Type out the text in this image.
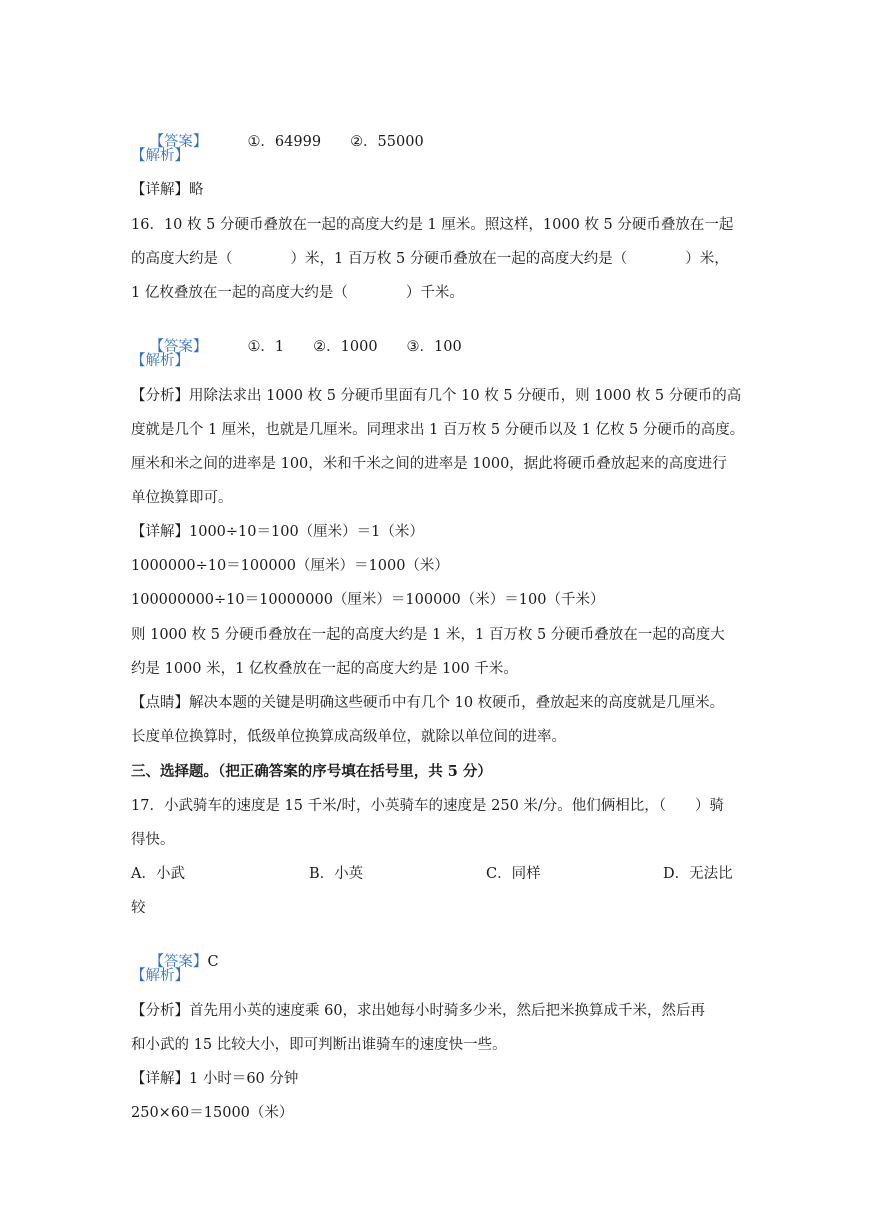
【答案】	①．64999　　②．55000

【解析】
【详解】略
16．10 枚 5 分硬币叠放在一起的高度大约是 1 厘米。照这样，1000 枚 5 分硬币叠放在一起
的高度大约是（　　　　）米，1 百万枚 5 分硬币叠放在一起的高度大约是（　　　　）米，
1 亿枚叠放在一起的高度大约是（　　　　）千米。

【答案】	①．1　　②．1000　　③．100

【解析】
【分析】用除法求出 1000 枚 5 分硬币里面有几个 10 枚 5 分硬币，则 1000 枚 5 分硬币的高
度就是几个 1 厘米，也就是几厘米。同理求出 1 百万枚 5 分硬币以及 1 亿枚 5 分硬币的高度。
厘米和米之间的进率是 100，米和千米之间的进率是 1000，据此将硬币叠放起来的高度进行
单位换算即可。
【详解】1000÷10＝100（厘米）＝1（米）
1000000÷10＝100000（厘米）＝1000（米）
100000000÷10＝10000000（厘米）＝100000（米）＝100（千米）
则 1000 枚 5 分硬币叠放在一起的高度大约是 1 米，1 百万枚 5 分硬币叠放在一起的高度大
约是 1000 米，1 亿枚叠放在一起的高度大约是 100 千米。
【点睛】解决本题的关键是明确这些硬币中有几个 10 枚硬币，叠放起来的高度就是几厘米。
长度单位换算时，低级单位换算成高级单位，就除以单位间的进率。
三、选择题。（把正确答案的序号填在括号里，共 5 分）
17．小武骑车的速度是 15 千米/时，小英骑车的速度是 250 米/分。他们俩相比，（　　）骑
得快。
A．小武	B．小英	C．同样	D．无法比
较

【答案】C

【解析】
【分析】首先用小英的速度乘 60，求出她每小时骑多少米，然后把米换算成千米，然后再
和小武的 15 比较大小，即可判断出谁骑车的速度快一些。
【详解】1 小时＝60 分钟
250×60＝15000（米）
